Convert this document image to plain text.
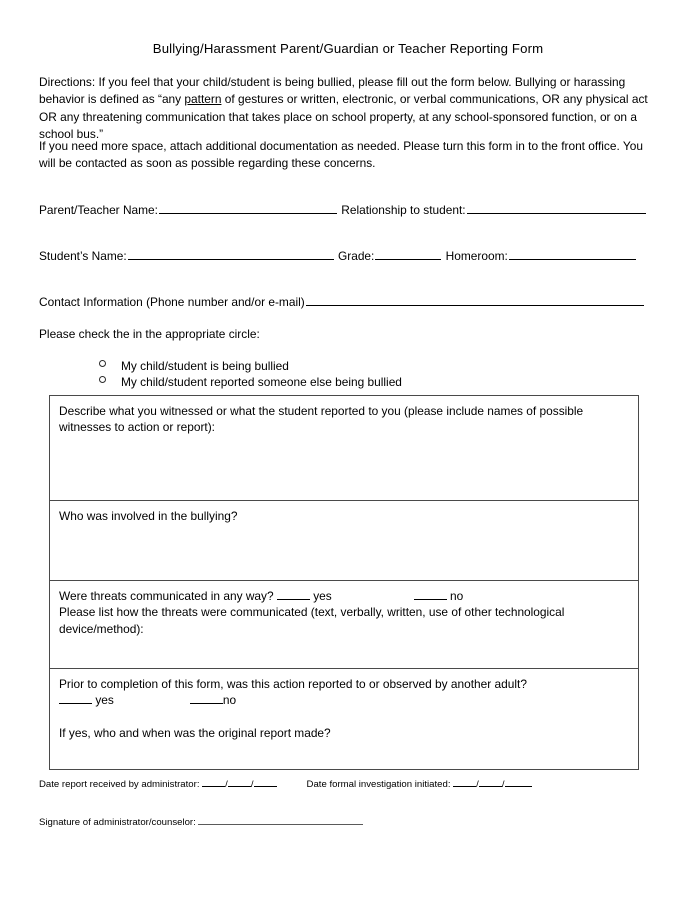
Bullying/Harassment Parent/Guardian or Teacher Reporting Form
Directions: If you feel that your child/student is being bullied, please fill out the form below. Bullying or harassing behavior is defined as “any pattern of gestures or written, electronic, or verbal communications, OR any physical act OR any threatening communication that takes place on school property, at any school-sponsored function, or on a school bus.”
If you need more space, attach additional documentation as needed. Please turn this form in to the front office. You will be contacted as soon as possible regarding these concerns.
Parent/Teacher Name:	Relationship to student:
Student’s Name:	Grade:	Homeroom:
Contact Information (Phone number and/or e-mail)
Please check the in the appropriate circle:
My child/student is being bullied
My child/student reported someone else being bullied
Describe what you witnessed or what the student reported to you (please include names of possible witnesses to action or report):
Who was involved in the bullying?
Were threats communicated in any way?	yes	no
Please list how the threats were communicated (text, verbally, written, use of other technological device/method):
Prior to completion of this form, was this action reported to or observed by another adult?
yes	no
If yes, who and when was the original report made?
Date report received by administrator:	/ /	Date formal investigation initiated:	/ /
Signature of administrator/counselor:
